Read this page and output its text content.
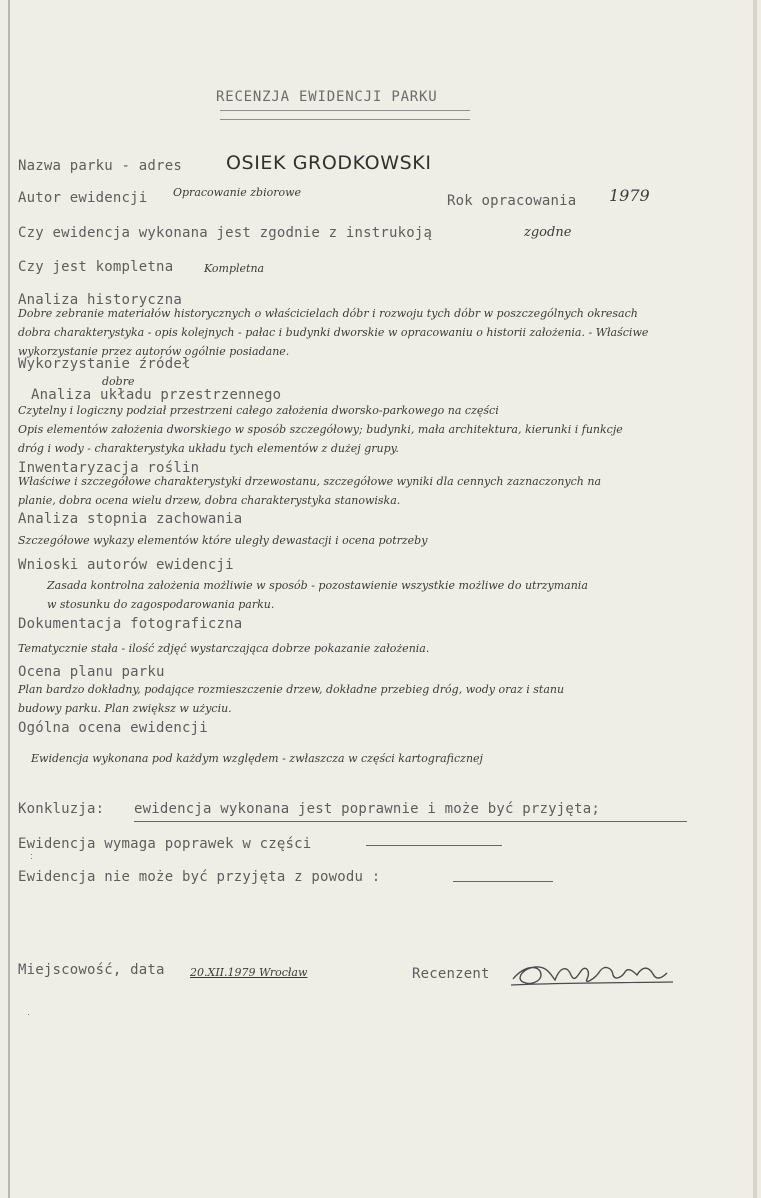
RECENZJA EWIDENCJI PARKU
Nazwa parku - adres OSIEK GRODKOWSKI
Autor ewidencji Opracowanie zbiorowe
Rok opracowania 1979
Czy ewidencja wykonana jest zgodnie z instrukoją	zgodne
Czy jest kompletna	Kompletna
Analiza historyczna
Dobre zebranie materiałów historycznych o właścicielach dóbr i rozwoju tych dóbr w poszczególnych okresach
dobra charakterystyka - opis kolejnych - pałac i budynki dworskie w opracowaniu o historii założenia. - Właściwe
wykorzystanie przez autorów ogólnie posiadane.
Wykorzystanie źródeł
dobre
Analiza układu przestrzennego
Czytelny i logiczny podział przestrzeni całego założenia dworsko-parkowego na części
Opis elementów założenia dworskiego w sposób szczegółowy; budynki, mała architektura, kierunki i funkcje
dróg i wody - charakterystyka układu tych elementów z dużej grupy.
Inwentaryzacja roślin
Właściwe i szczegółowe charakterystyki drzewostanu, szczegółowe wyniki dla cennych zaznaczonych na
planie, dobra ocena wielu drzew, dobra charakterystyka stanowiska.
Analiza stopnia zachowania
Szczegółowe wykazy elementów które uległy dewastacji i ocena potrzeby
Wnioski autorów ewidencji
Zasada kontrolna założenia możliwie w sposób - pozostawienie wszystkie możliwe do utrzymania
w stosunku do zagospodarowania parku.
Dokumentacja fotograficzna
Tematycznie stała - ilość zdjęć wystarczająca dobrze pokazanie założenia.
Ocena planu parku
Plan bardzo dokładny, podające rozmieszczenie drzew, dokładne przebieg dróg, wody oraz i stanu
budowy parku. Plan zwiększ w użyciu.
Ogólna ocena ewidencji
Ewidencja wykonana pod każdym względem - zwłaszcza w części kartograficznej
Konkluzja: ewidencja wykonana jest poprawnie i może być przyjęta;
Ewidencja wymaga poprawek w części
Ewidencja nie może być przyjęta z powodu :
Miejscowość, data 20.XII.1979 Wrocław	Recenzent
